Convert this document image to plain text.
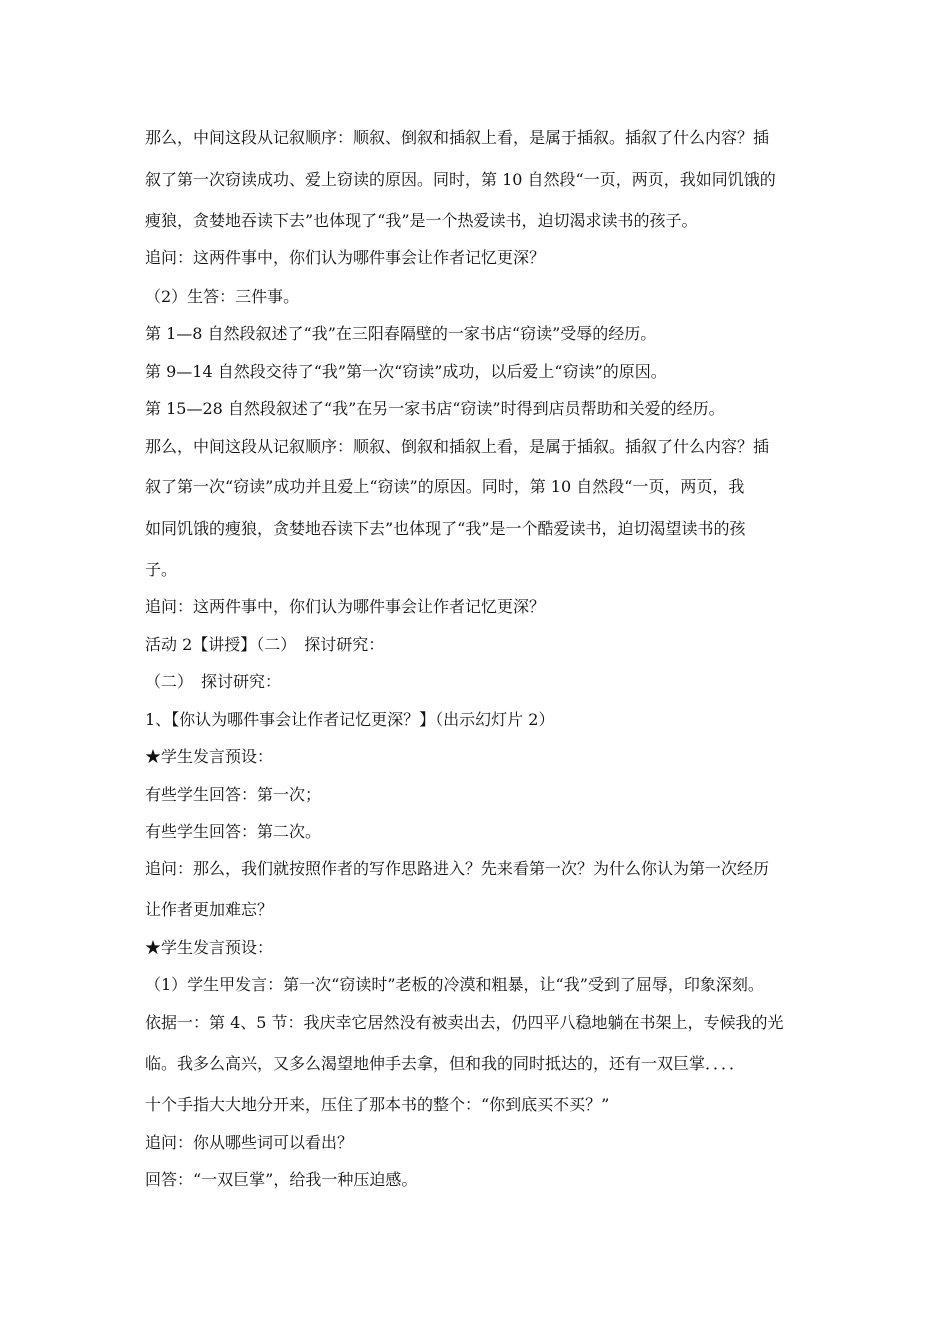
那么，中间这段从记叙顺序：顺叙、倒叙和插叙上看，是属于插叙。插叙了什么内容？插
叙了第一次窃读成功、爱上窃读的原因。同时，第 10 自然段“一页，两页，我如同饥饿的
瘦狼，贪婪地吞读下去”也体现了“我”是一个热爱读书，迫切渴求读书的孩子。
追问：这两件事中，你们认为哪件事会让作者记忆更深？
（2）生答：三件事。
第 1—8 自然段叙述了“我”在三阳春隔壁的一家书店“窃读”受辱的经历。
第 9—14 自然段交待了“我”第一次“窃读”成功，以后爱上“窃读”的原因。
第 15—28 自然段叙述了“我”在另一家书店“窃读”时得到店员帮助和关爱的经历。
那么，中间这段从记叙顺序：顺叙、倒叙和插叙上看，是属于插叙。插叙了什么内容？插
叙了第一次“窃读”成功并且爱上“窃读”的原因。同时，第 10 自然段“一页，两页，我
如同饥饿的瘦狼，贪婪地吞读下去”也体现了“我”是一个酷爱读书，迫切渴望读书的孩
子。
追问：这两件事中，你们认为哪件事会让作者记忆更深？
活动 2【讲授】（二）　探讨研究：
（二）　探讨研究：
1、【你认为哪件事会让作者记忆更深？】（出示幻灯片 2）
★学生发言预设：
有些学生回答：第一次；
有些学生回答：第二次。
追问：那么，我们就按照作者的写作思路进入？先来看第一次？为什么你认为第一次经历
让作者更加难忘？
★学生发言预设：
（1）学生甲发言：第一次“窃读时”老板的冷漠和粗暴，让“我”受到了屈辱，印象深刻。
依据一：第 4、5 节：我庆幸它居然没有被卖出去，仍四平八稳地躺在书架上，专候我的光
临。我多么高兴，又多么渴望地伸手去拿，但和我的同时抵达的，还有一双巨掌．．．．
十个手指大大地分开来，压住了那本书的整个：“你到底买不买？”
追问：你从哪些词可以看出？
回答：“一双巨掌”，给我一种压迫感。
